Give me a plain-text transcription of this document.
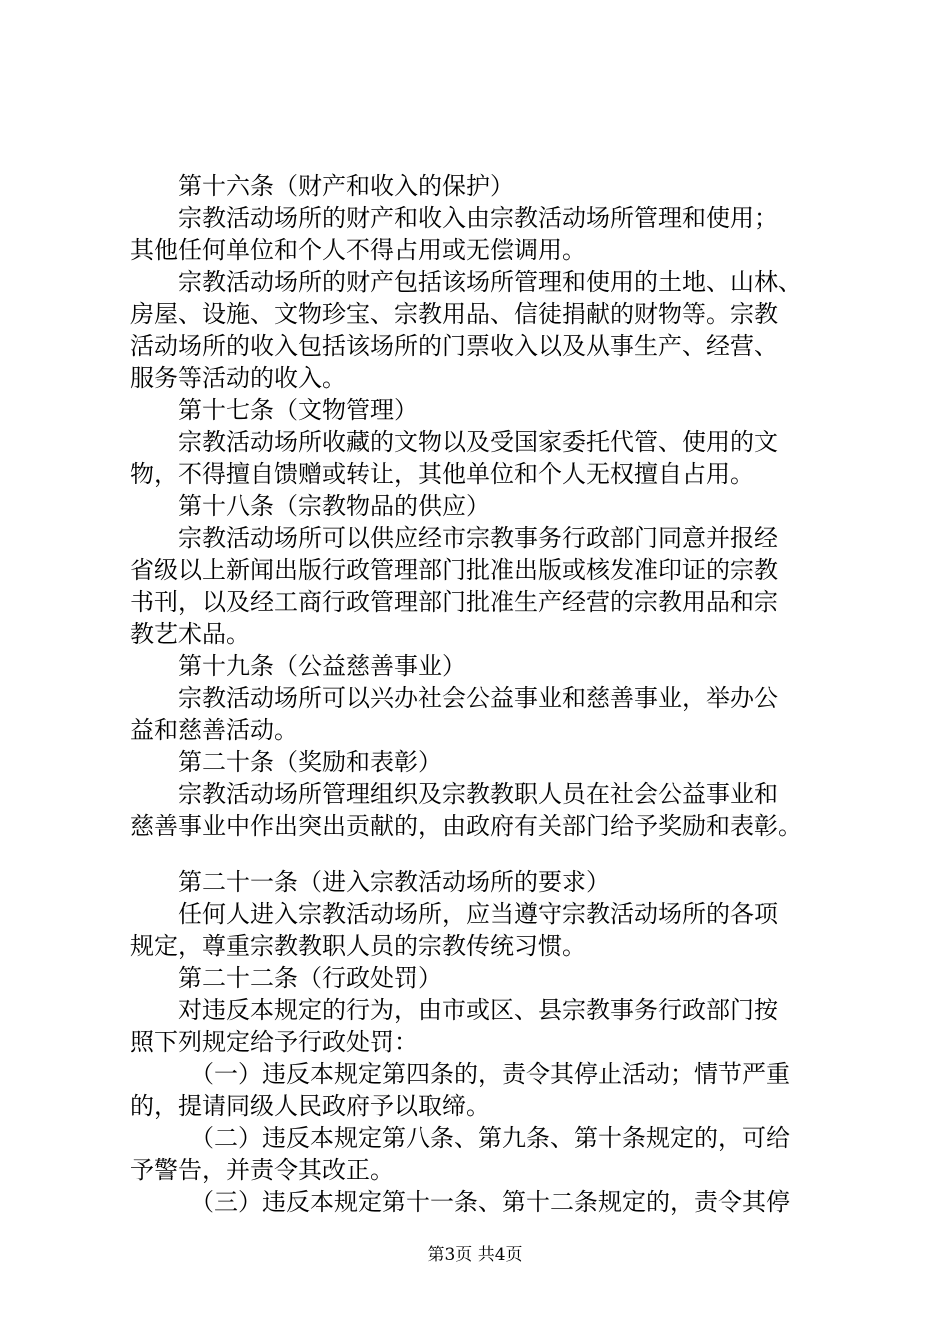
第十六条（财产和收入的保护）
宗教活动场所的财产和收入由宗教活动场所管理和使用；
其他任何单位和个人不得占用或无偿调用。
宗教活动场所的财产包括该场所管理和使用的土地、山林、
房屋、设施、文物珍宝、宗教用品、信徒捐献的财物等。宗教
活动场所的收入包括该场所的门票收入以及从事生产、经营、
服务等活动的收入。
第十七条（文物管理）
宗教活动场所收藏的文物以及受国家委托代管、使用的文
物，不得擅自馈赠或转让，其他单位和个人无权擅自占用。
第十八条（宗教物品的供应）
宗教活动场所可以供应经市宗教事务行政部门同意并报经
省级以上新闻出版行政管理部门批准出版或核发准印证的宗教
书刊，以及经工商行政管理部门批准生产经营的宗教用品和宗
教艺术品。
第十九条（公益慈善事业）
宗教活动场所可以兴办社会公益事业和慈善事业，举办公
益和慈善活动。
第二十条（奖励和表彰）
宗教活动场所管理组织及宗教教职人员在社会公益事业和
慈善事业中作出突出贡献的，由政府有关部门给予奖励和表彰。
第二十一条（进入宗教活动场所的要求）
任何人进入宗教活动场所，应当遵守宗教活动场所的各项
规定，尊重宗教教职人员的宗教传统习惯。
第二十二条（行政处罚）
对违反本规定的行为，由市或区、县宗教事务行政部门按
照下列规定给予行政处罚：
（一）违反本规定第四条的，责令其停止活动；情节严重
的，提请同级人民政府予以取缔。
（二）违反本规定第八条、第九条、第十条规定的，可给
予警告，并责令其改正。
（三）违反本规定第十一条、第十二条规定的，责令其停
第3页 共4页
